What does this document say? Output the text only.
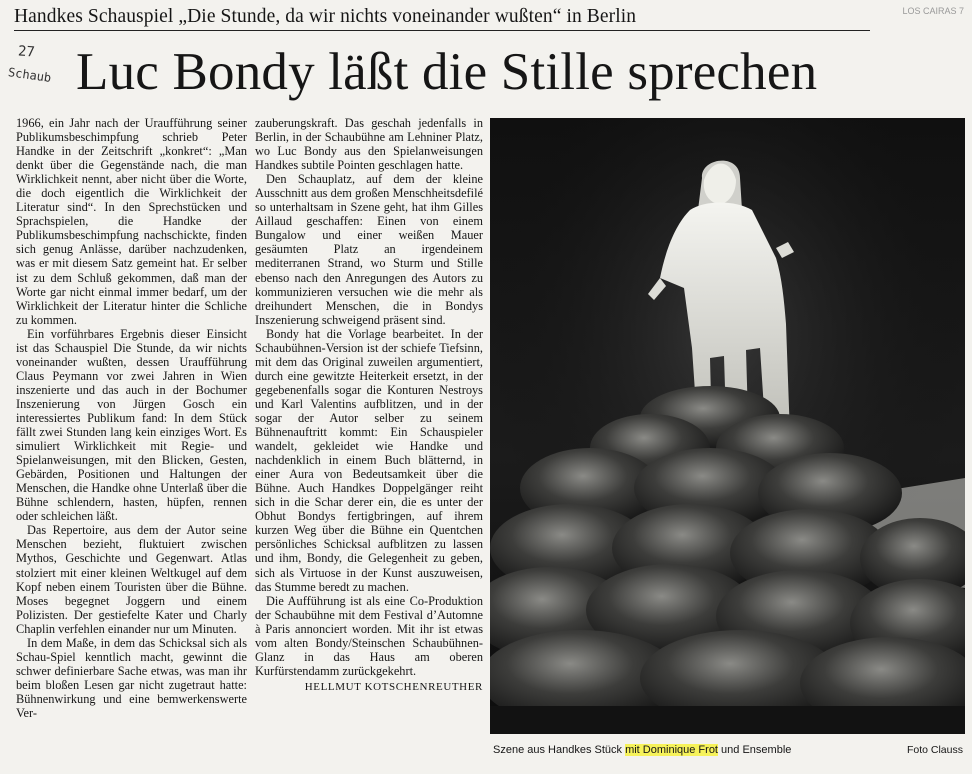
Handkes Schauspiel „Die Stunde, da wir nichts voneinander wußten“ in Berlin
27
Schaub
LOS CAIRAS 7
Luc Bondy läßt die Stille sprechen

1966, ein Jahr nach der Uraufführung seiner Publikumsbeschimpfung schrieb Peter Handke in der Zeitschrift „konkret“: „Man denkt über die Gegenstände nach, die man Wirklichkeit nennt, aber nicht über die Worte, die doch eigentlich die Wirklichkeit der Literatur sind“. In den Sprechstücken und Sprachspielen, die Handke der Publikumsbeschimpfung nachschickte, finden sich genug Anlässe, darüber nachzudenken, was er mit diesem Satz gemeint hat. Er selber ist zu dem Schluß gekommen, daß man der Worte gar nicht einmal immer bedarf, um der Wirklichkeit der Literatur hinter die Schliche zu kommen.

Ein vorführbares Ergebnis dieser Einsicht ist das Schauspiel Die Stunde, da wir nichts voneinander wußten, dessen Uraufführung Claus Peymann vor zwei Jahren in Wien inszenierte und das auch in der Bochumer Inszenierung von Jürgen Gosch ein interessiertes Publikum fand: In dem Stück fällt zwei Stunden lang kein einziges Wort. Es simuliert Wirklichkeit mit Regie- und Spielanweisungen, mit den Blicken, Gesten, Gebärden, Positionen und Haltungen der Menschen, die Handke ohne Unterlaß über die Bühne schlendern, hasten, hüpfen, rennen oder schleichen läßt.

Das Repertoire, aus dem der Autor seine Menschen bezieht, fluktuiert zwischen Mythos, Geschichte und Gegenwart. Atlas stolziert mit einer kleinen Weltkugel auf dem Kopf neben einem Touristen über die Bühne. Moses begegnet Joggern und einem Polizisten. Der gestiefelte Kater und Charly Chaplin verfehlen einander nur um Minuten.

In dem Maße, in dem das Schicksal sich als Schau-Spiel kenntlich macht, gewinnt die schwer definierbare Sache etwas, was man ihr beim bloßen Lesen gar nicht zugetraut hatte: Bühnenwirkung und eine bemwerkenswerte Ver-

zauberungskraft. Das geschah jedenfalls in Berlin, in der Schaubühne am Lehniner Platz, wo Luc Bondy aus den Spielanweisungen Handkes subtile Pointen geschlagen hatte.

Den Schauplatz, auf dem der kleine Ausschnitt aus dem großen Menschheitsdefilé so unterhaltsam in Szene geht, hat ihm Gilles Aillaud geschaffen: Einen von einem Bungalow und einer weißen Mauer gesäumten Platz an irgendeinem mediterranen Strand, wo Sturm und Stille ebenso nach den Anregungen des Autors zu kommunizieren versuchen wie die mehr als dreihundert Menschen, die in Bondys Inszenierung schweigend präsent sind.

Bondy hat die Vorlage bearbeitet. In der Schaubühnen-Version ist der schiefe Tiefsinn, mit dem das Original zuweilen argumentiert, durch eine gewitzte Heiterkeit ersetzt, in der gegebenenfalls sogar die Konturen Nestroys und Karl Valentins aufblitzen, und in der sogar der Autor selber zu seinem Bühnenauftritt kommt: Ein Schauspieler wandelt, gekleidet wie Handke und nachdenklich in einem Buch blätternd, in einer Aura von Bedeutsamkeit über die Bühne. Auch Handkes Doppelgänger reiht sich in die Schar derer ein, die es unter der Obhut Bondys fertigbringen, auf ihrem kurzen Weg über die Bühne ein Quentchen persönliches Schicksal aufblitzen zu lassen und ihm, Bondy, die Gelegenheit zu geben, sich als Virtuose in der Kunst auszuweisen, das Stumme beredt zu machen.

Die Aufführung ist als eine Co-Produktion der Schaubühne mit dem Festival d’Automne à Paris annonciert worden. Mit ihr ist etwas vom alten Bondy/Steinschen Schaubühnen-Glanz in das Haus am oberen Kurfürstendamm zurückgekehrt.

HELLMUT KOTSCHENREUTHER
Szene aus Handkes Stück mit Dominique Frot und Ensemble	Foto Clauss
